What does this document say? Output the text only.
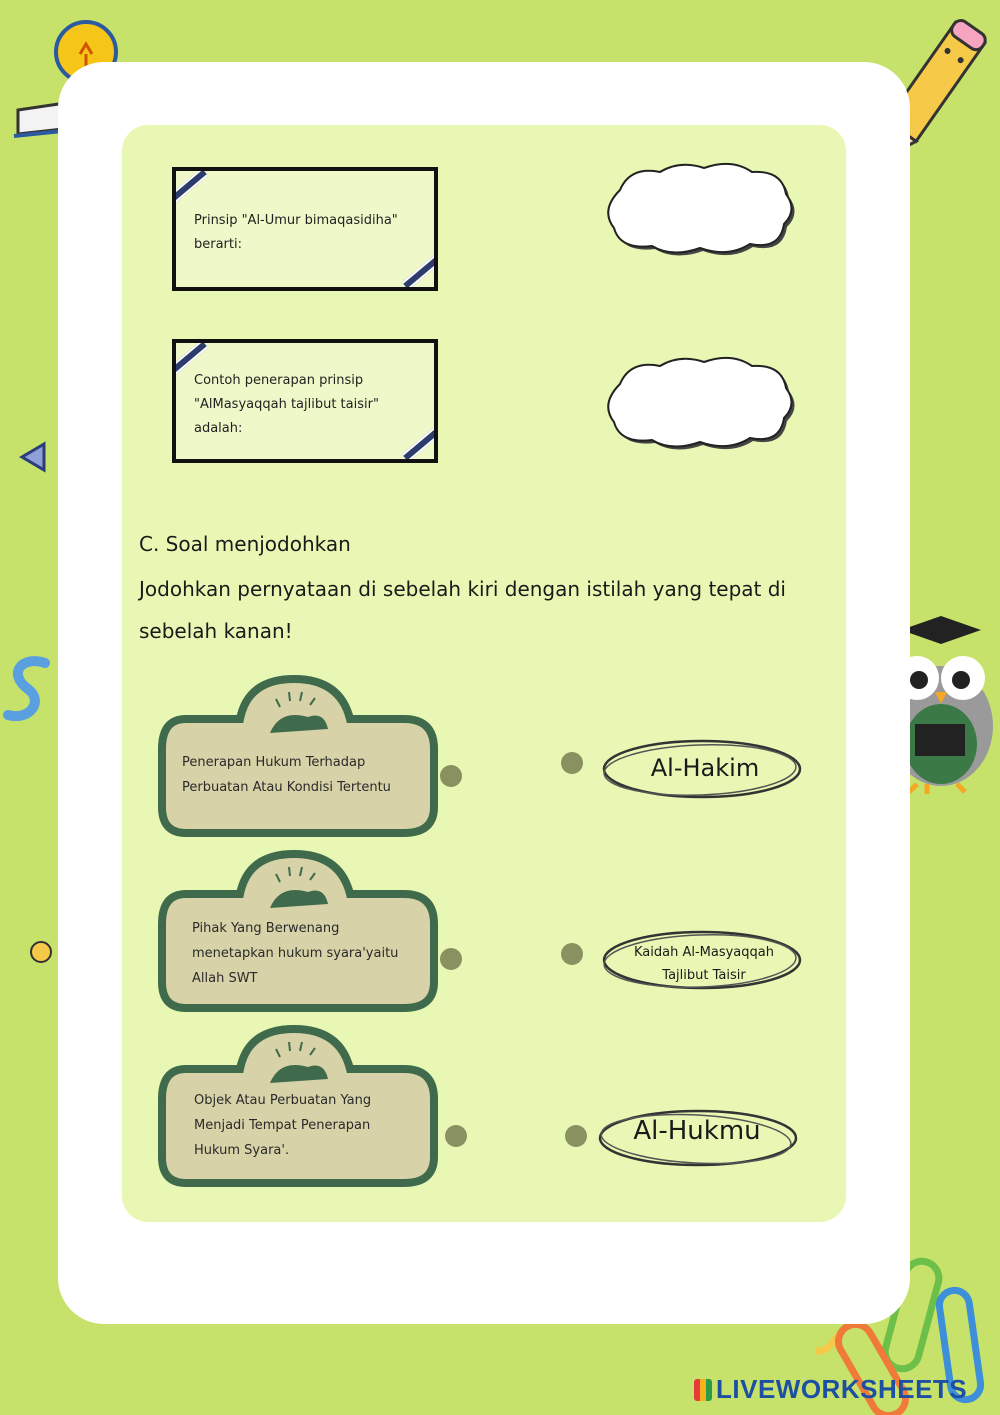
Prinsip "Al-Umur bimaqasidiha" berarti:
Contoh penerapan prinsip "AlMasyaqqah tajlibut taisir" adalah:
C. Soal menjodohkan
Jodohkan pernyataan di sebelah kiri dengan istilah yang tepat di sebelah kanan!
Penerapan Hukum Terhadap Perbuatan Atau Kondisi Tertentu
Pihak Yang Berwenang menetapkan hukum syara'yaitu Allah SWT
Objek Atau Perbuatan Yang Menjadi Tempat Penerapan Hukum Syara'.
Al-Hakim
Kaidah Al-Masyaqqah Tajlibut Taisir
Al-Hukmu
LIVEWORKSHEETS
